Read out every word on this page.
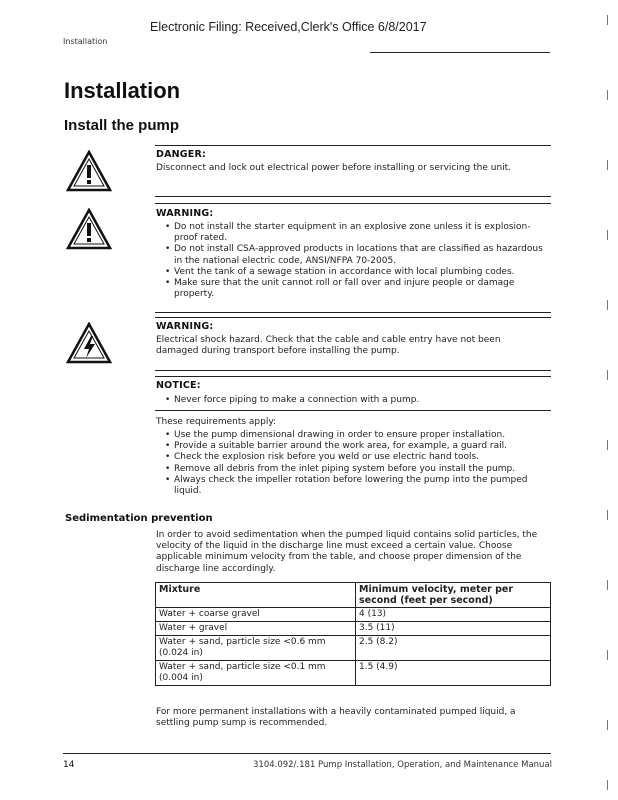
Electronic Filing: Received,Clerk's Office 6/8/2017
Installation
Installation
Install the pump
DANGER:
Disconnect and lock out electrical power before installing or servicing the unit.
WARNING:
• Do not install the starter equipment in an explosive zone unless it is explosion-proof rated.
• Do not install CSA-approved products in locations that are classified as hazardous in the national electric code, ANSI/NFPA 70-2005.
• Vent the tank of a sewage station in accordance with local plumbing codes.
• Make sure that the unit cannot roll or fall over and injure people or damage property.
WARNING:
Electrical shock hazard. Check that the cable and cable entry have not been damaged during transport before installing the pump.
NOTICE:
• Never force piping to make a connection with a pump.
These requirements apply:
• Use the pump dimensional drawing in order to ensure proper installation.
• Provide a suitable barrier around the work area, for example, a guard rail.
• Check the explosion risk before you weld or use electric hand tools.
• Remove all debris from the inlet piping system before you install the pump.
• Always check the impeller rotation before lowering the pump into the pumped liquid.
Sedimentation prevention
In order to avoid sedimentation when the pumped liquid contains solid particles, the velocity of the liquid in the discharge line must exceed a certain value. Choose applicable minimum velocity from the table, and choose proper dimension of the discharge line accordingly.
Mixture	Minimum velocity, meter per second (feet per second)
Water + coarse gravel	4 (13)
Water + gravel	3.5 (11)
Water + sand, particle size <0.6 mm (0.024 in)	2.5 (8.2)
Water + sand, particle size <0.1 mm (0.004 in)	1.5 (4.9)
For more permanent installations with a heavily contaminated pumped liquid, a settling pump sump is recommended.
14	3104.092/.181 Pump Installation, Operation, and Maintenance Manual
